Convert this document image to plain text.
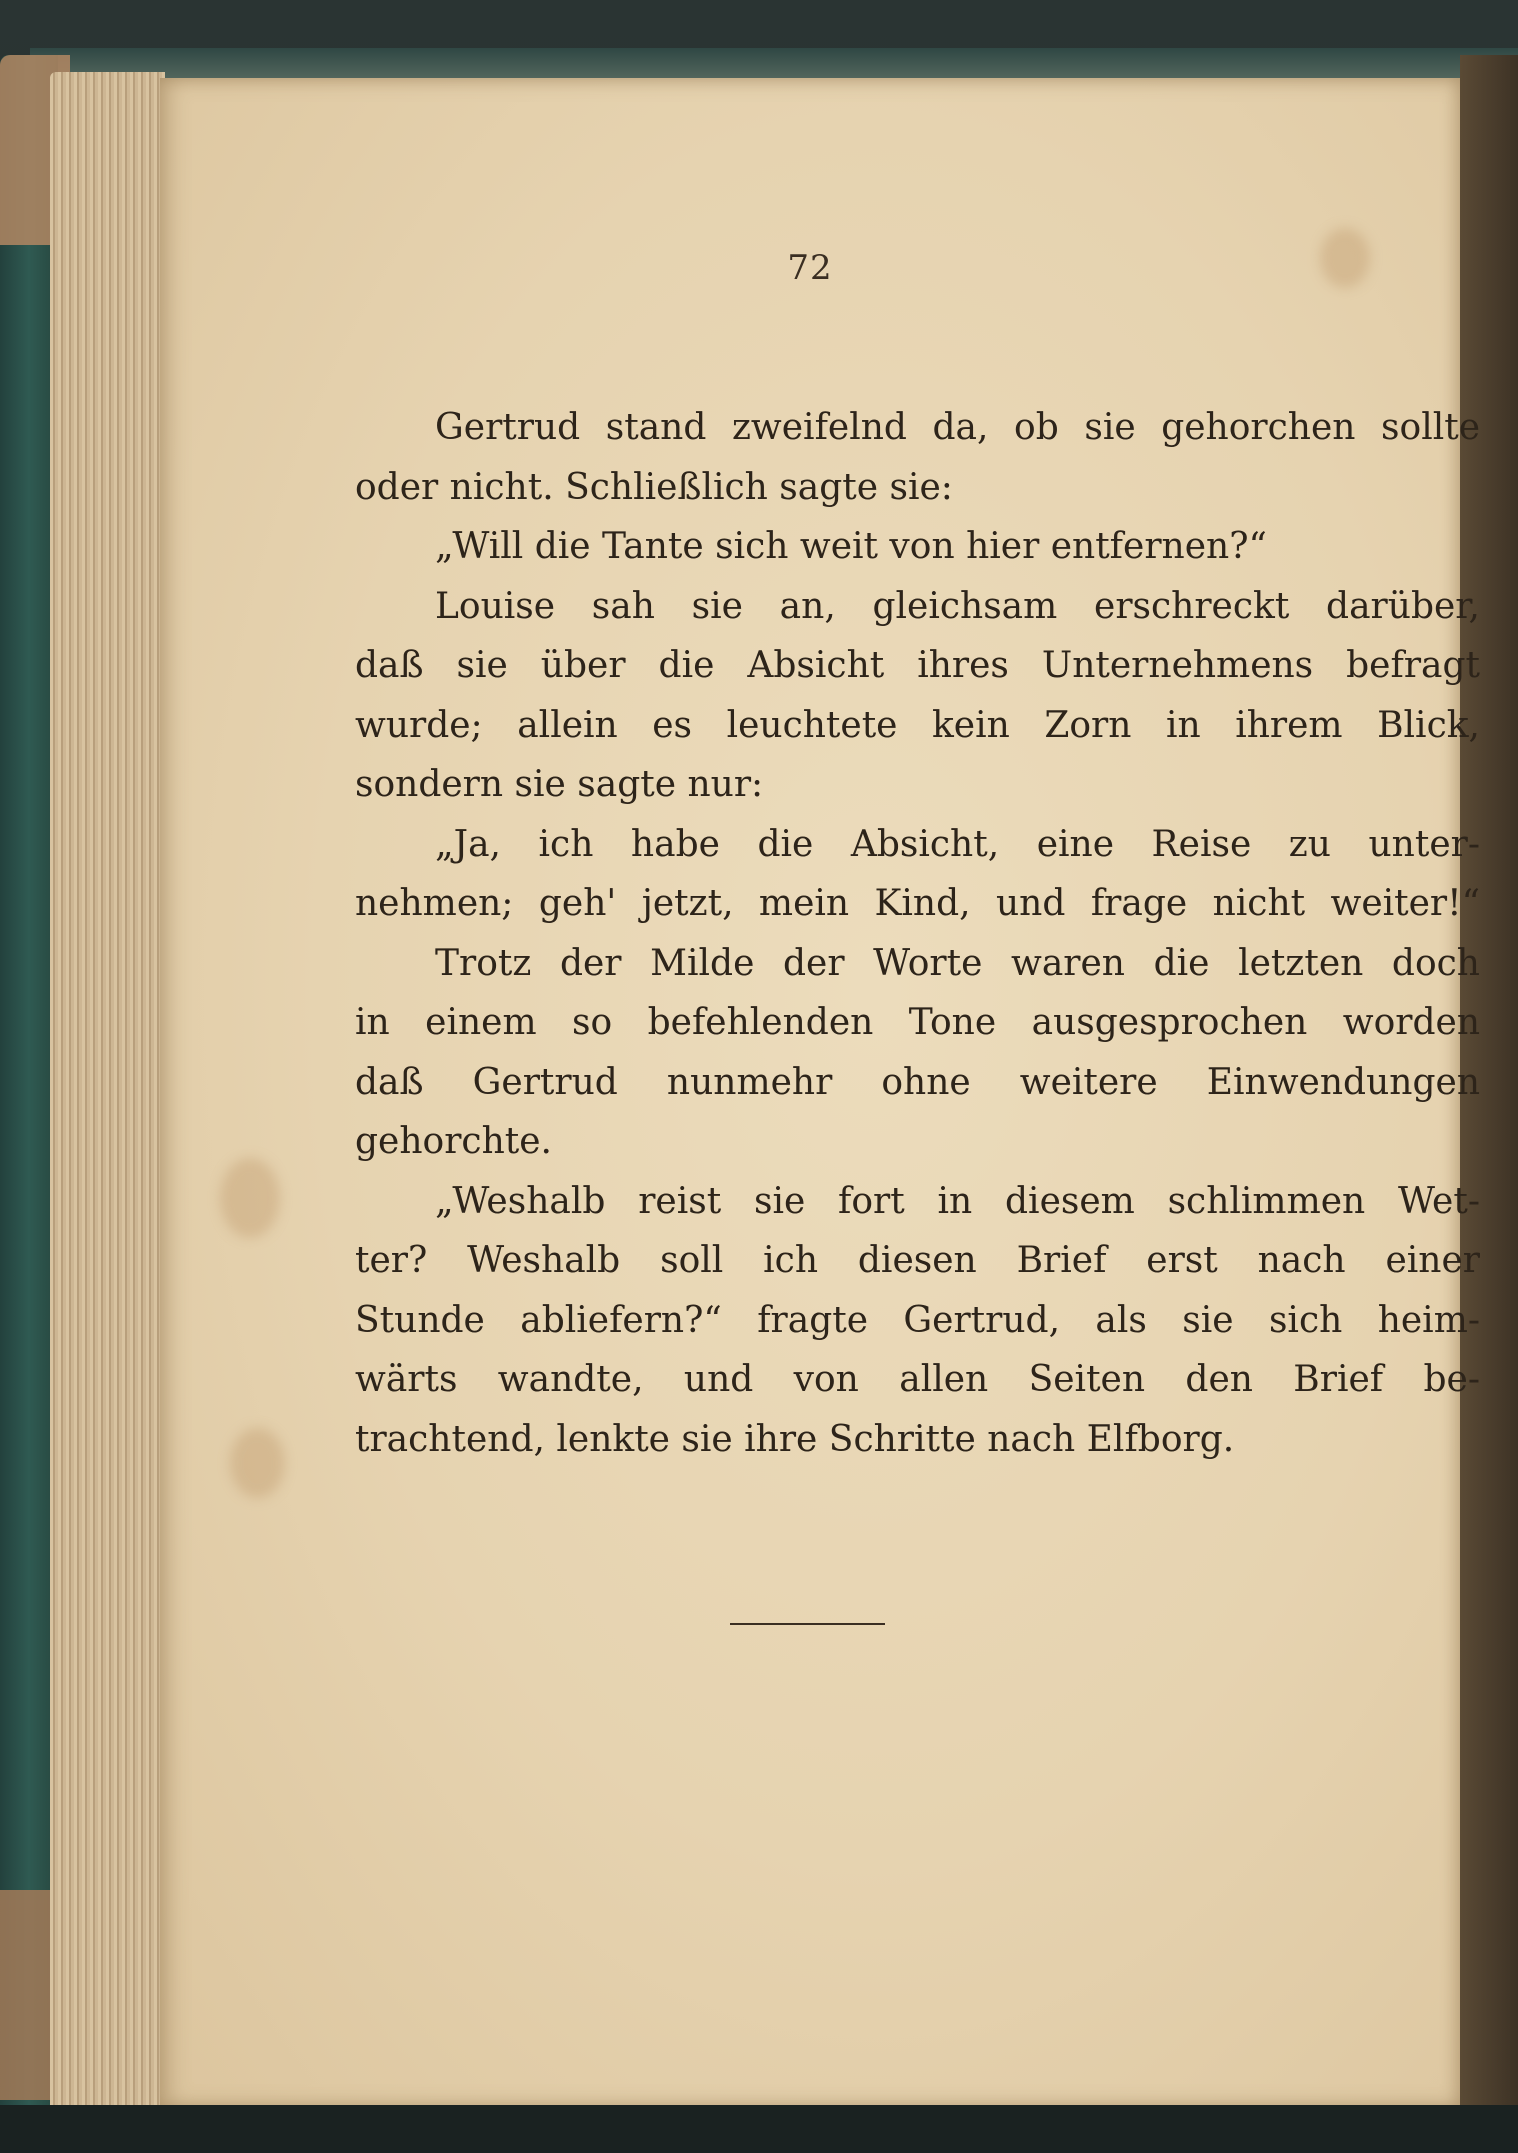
72

Gertrud stand zweifelnd da, ob sie gehorchen sollte
oder nicht. Schließlich sagte sie:
„Will die Tante sich weit von hier entfernen?“
Louise sah sie an, gleichsam erschreckt darüber,
daß sie über die Absicht ihres Unternehmens befragt
wurde; allein es leuchtete kein Zorn in ihrem Blick,
sondern sie sagte nur:
„Ja, ich habe die Absicht, eine Reise zu unter-
nehmen; geh' jetzt, mein Kind, und frage nicht weiter!“
Trotz der Milde der Worte waren die letzten doch
in einem so befehlenden Tone ausgesprochen worden
daß Gertrud nunmehr ohne weitere Einwendungen
gehorchte.
„Weshalb reist sie fort in diesem schlimmen Wet-
ter? Weshalb soll ich diesen Brief erst nach einer
Stunde abliefern?“ fragte Gertrud, als sie sich heim-
wärts wandte, und von allen Seiten den Brief be-
trachtend, lenkte sie ihre Schritte nach Elfborg.
